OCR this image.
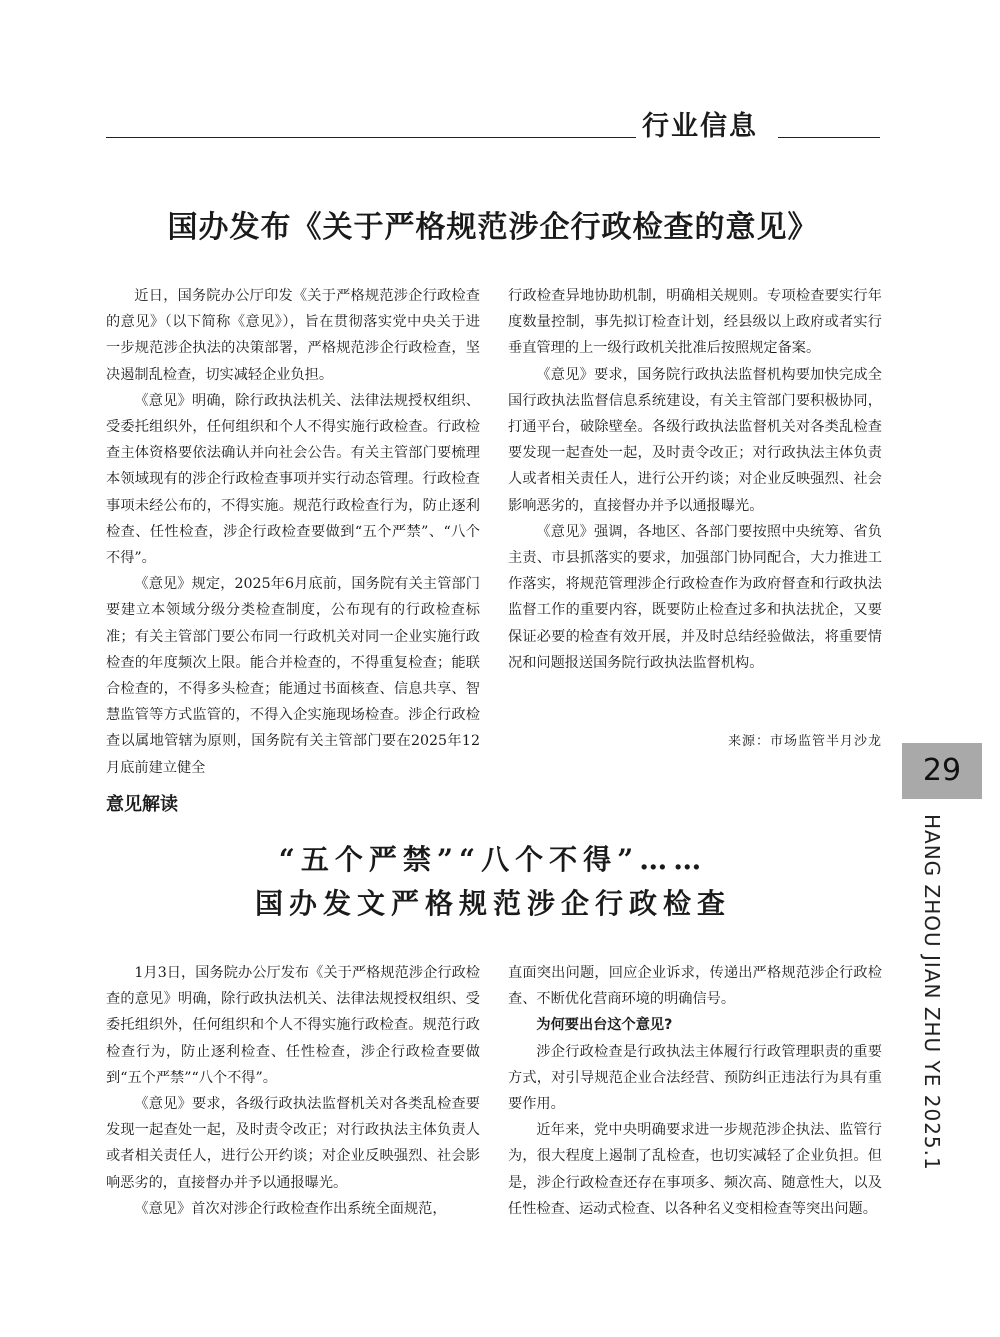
行业信息
国办发布《关于严格规范涉企行政检查的意见》

近日，国务院办公厅印发《关于严格规范涉企行政检查的意见》（以下简称《意见》），旨在贯彻落实党中央关于进一步规范涉企执法的决策部署，严格规范涉企行政检查，坚决遏制乱检查，切实减轻企业负担。

《意见》明确，除行政执法机关、法律法规授权组织、受委托组织外，任何组织和个人不得实施行政检查。行政检查主体资格要依法确认并向社会公告。有关主管部门要梳理本领域现有的涉企行政检查事项并实行动态管理。行政检查事项未经公布的，不得实施。规范行政检查行为，防止逐利检查、任性检查，涉企行政检查要做到“五个严禁”、“八个不得”。

《意见》规定，2025年6月底前，国务院有关主管部门要建立本领域分级分类检查制度，公布现有的行政检查标准；有关主管部门要公布同一行政机关对同一企业实施行政检查的年度频次上限。能合并检查的，不得重复检查；能联合检查的，不得多头检查；能通过书面核查、信息共享、智慧监管等方式监管的，不得入企实施现场检查。涉企行政检查以属地管辖为原则，国务院有关主管部门要在2025年12月底前建立健全

行政检查异地协助机制，明确相关规则。专项检查要实行年度数量控制，事先拟订检查计划，经县级以上政府或者实行垂直管理的上一级行政机关批准后按照规定备案。

《意见》要求，国务院行政执法监督机构要加快完成全国行政执法监督信息系统建设，有关主管部门要积极协同，打通平台，破除壁垒。各级行政执法监督机关对各类乱检查要发现一起查处一起，及时责令改正；对行政执法主体负责人或者相关责任人，进行公开约谈；对企业反映强烈、社会影响恶劣的，直接督办并予以通报曝光。

《意见》强调，各地区、各部门要按照中央统筹、省负主责、市县抓落实的要求，加强部门协同配合，大力推进工作落实，将规范管理涉企行政检查作为政府督查和行政执法监督工作的重要内容，既要防止检查过多和执法扰企，又要保证必要的检查有效开展，并及时总结经验做法，将重要情况和问题报送国务院行政执法监督机构。

来源：市场监管半月沙龙
意见解读
“五个严禁”“八个不得”……
国办发文严格规范涉企行政检查

1月3日，国务院办公厅发布《关于严格规范涉企行政检查的意见》明确，除行政执法机关、法律法规授权组织、受委托组织外，任何组织和个人不得实施行政检查。规范行政检查行为，防止逐利检查、任性检查，涉企行政检查要做到“五个严禁”“八个不得”。

《意见》要求，各级行政执法监督机关对各类乱检查要发现一起查处一起，及时责令改正；对行政执法主体负责人或者相关责任人，进行公开约谈；对企业反映强烈、社会影响恶劣的，直接督办并予以通报曝光。

《意见》首次对涉企行政检查作出系统全面规范，

直面突出问题，回应企业诉求，传递出严格规范涉企行政检查、不断优化营商环境的明确信号。

为何要出台这个意见?

涉企行政检查是行政执法主体履行行政管理职责的重要方式，对引导规范企业合法经营、预防纠正违法行为具有重要作用。

近年来，党中央明确要求进一步规范涉企执法、监管行为，很大程度上遏制了乱检查，也切实减轻了企业负担。但是，涉企行政检查还存在事项多、频次高、随意性大，以及任性检查、运动式检查、以各种名义变相检查等突出问题。

29
HANG ZHOU JIAN ZHU YE 2025.1
